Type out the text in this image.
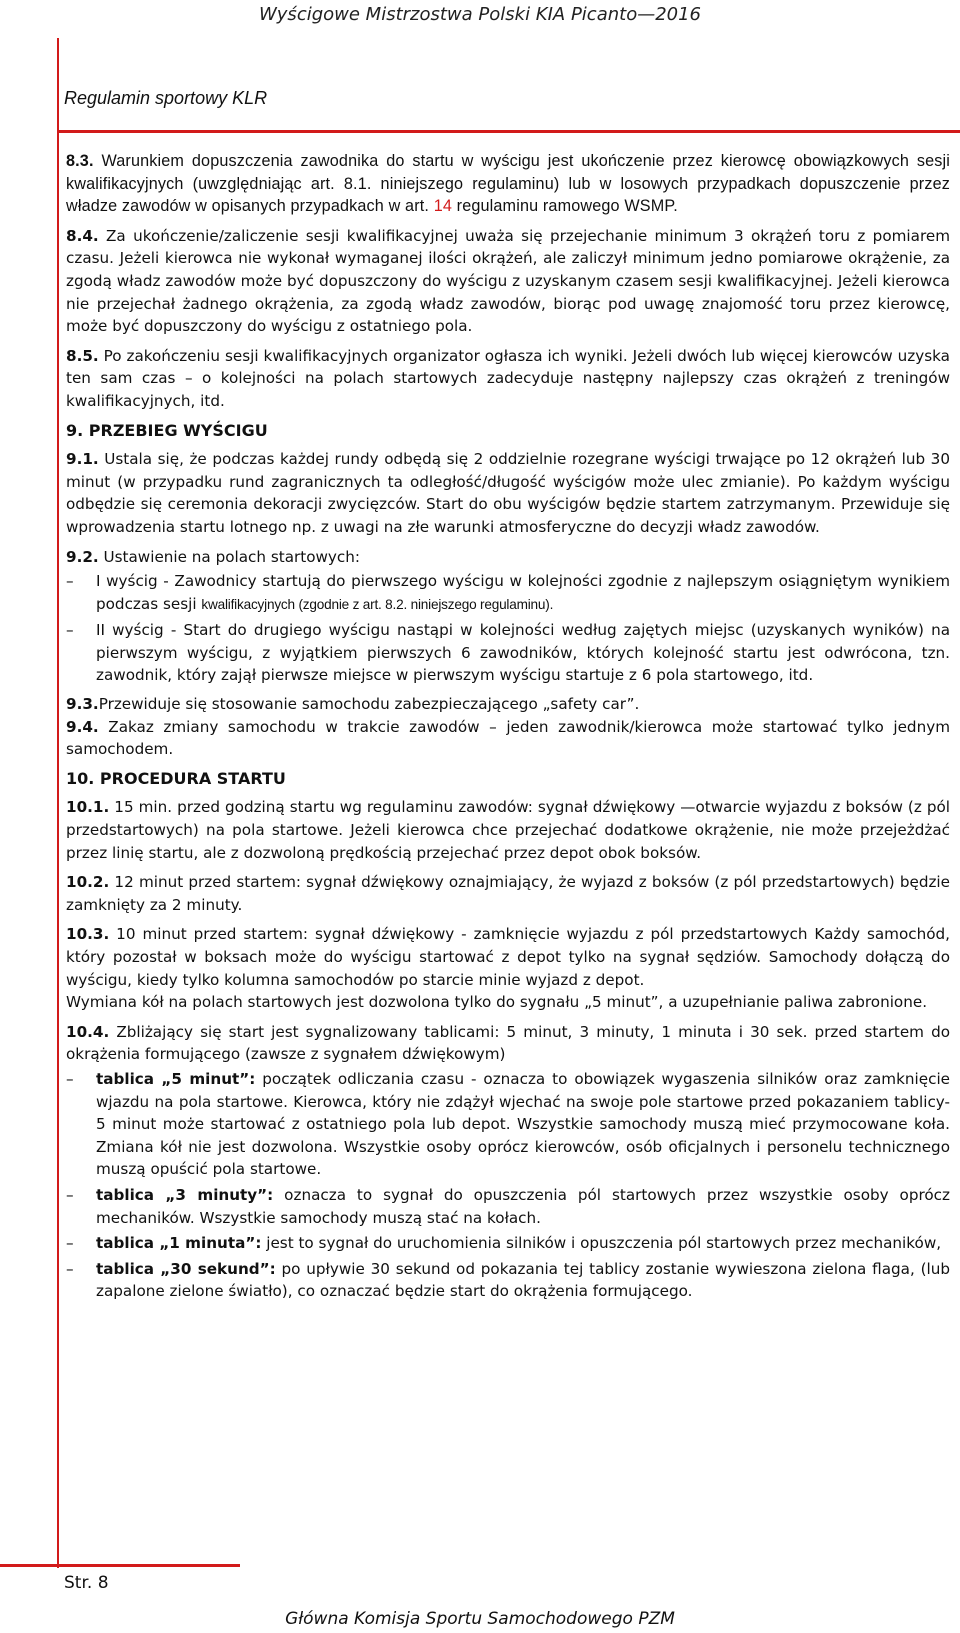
Wyścigowe Mistrzostwa Polski KIA Picanto—2016
Regulamin sportowy KLR

8.3. Warunkiem dopuszczenia zawodnika do startu w wyścigu jest ukończenie przez kierowcę obowiązkowych sesji kwalifikacyjnych (uwzględniając art. 8.1. niniejszego regulaminu) lub w losowych przypadkach dopuszczenie przez władze zawodów w opisanych przypadkach w art. 14 regulaminu ramowego WSMP.

8.4. Za ukończenie/zaliczenie sesji kwalifikacyjnej uważa się przejechanie minimum 3 okrążeń toru z pomiarem czasu. Jeżeli kierowca nie wykonał wymaganej ilości okrążeń, ale zaliczył minimum jedno pomiarowe okrążenie, za zgodą władz zawodów może być dopuszczony do wyścigu z uzyskanym czasem sesji kwalifikacyjnej. Jeżeli kierowca nie przejechał żadnego okrążenia, za zgodą władz zawodów, biorąc pod uwagę znajomość toru przez kierowcę, może być dopuszczony do wyścigu z ostatniego pola.

8.5. Po zakończeniu sesji kwalifikacyjnych organizator ogłasza ich wyniki. Jeżeli dwóch lub więcej kierowców uzyska ten sam czas – o kolejności na polach startowych zadecyduje następny najlepszy czas okrążeń z treningów kwalifikacyjnych, itd.

9. PRZEBIEG WYŚCIGU

9.1. Ustala się, że podczas każdej rundy odbędą się 2 oddzielnie rozegrane wyścigi trwające po 12 okrążeń lub 30 minut (w przypadku rund zagranicznych ta odległość/długość wyścigów może ulec zmianie). Po każdym wyścigu odbędzie się ceremonia dekoracji zwycięzców. Start do obu wyścigów będzie startem zatrzymanym. Przewiduje się wprowadzenia startu lotnego np. z uwagi na złe warunki atmosferyczne do decyzji władz zawodów.

9.2. Ustawienie na polach startowych:

– I wyścig - Zawodnicy startują do pierwszego wyścigu w kolejności zgodnie z najlepszym osiągniętym wynikiem podczas sesji kwalifikacyjnych (zgodnie z art. 8.2. niniejszego regulaminu).
– II wyścig - Start do drugiego wyścigu nastąpi w kolejności według zajętych miejsc (uzyskanych wyników) na pierwszym wyścigu, z wyjątkiem pierwszych 6 zawodników, których kolejność startu jest odwrócona, tzn. zawodnik, który zajął pierwsze miejsce w pierwszym wyścigu startuje z 6 pola startowego, itd.

9.3.Przewiduje się stosowanie samochodu zabezpieczającego „safety car”.

9.4. Zakaz zmiany samochodu w trakcie zawodów – jeden zawodnik/kierowca może startować tylko jednym samochodem.

10. PROCEDURA STARTU

10.1. 15 min. przed godziną startu wg regulaminu zawodów: sygnał dźwiękowy —otwarcie wyjazdu z boksów (z pól przedstartowych) na pola startowe. Jeżeli kierowca chce przejechać dodatkowe okrążenie, nie może przejeżdżać przez linię startu, ale z dozwoloną prędkością przejechać przez depot obok boksów.

10.2. 12 minut przed startem: sygnał dźwiękowy oznajmiający, że wyjazd z boksów (z pól przedstartowych) będzie zamknięty za 2 minuty.

10.3. 10 minut przed startem: sygnał dźwiękowy - zamknięcie wyjazdu z pól przedstartowych Każdy samochód, który pozostał w boksach może do wyścigu startować z depot tylko na sygnał sędziów. Samochody dołączą do wyścigu, kiedy tylko kolumna samochodów po starcie minie wyjazd z depot.

Wymiana kół na polach startowych jest dozwolona tylko do sygnału „5 minut”, a uzupełnianie paliwa zabronione.

10.4. Zbliżający się start jest sygnalizowany tablicami: 5 minut, 3 minuty, 1 minuta i 30 sek. przed startem do okrążenia formującego (zawsze z sygnałem dźwiękowym)

– tablica „5 minut”: początek odliczania czasu - oznacza to obowiązek wygaszenia silników oraz zamknięcie wjazdu na pola startowe. Kierowca, który nie zdążył wjechać na swoje pole startowe przed pokazaniem tablicy-5 minut może startować z ostatniego pola lub depot. Wszystkie samochody muszą mieć przymocowane koła. Zmiana kół nie jest dozwolona. Wszystkie osoby oprócz kierowców, osób oficjalnych i personelu technicznego muszą opuścić pola startowe.
– tablica „3 minuty”: oznacza to sygnał do opuszczenia pól startowych przez wszystkie osoby oprócz mechaników. Wszystkie samochody muszą stać na kołach.
– tablica „1 minuta”: jest to sygnał do uruchomienia silników i opuszczenia pól startowych przez mechaników,
– tablica „30 sekund”: po upływie 30 sekund od pokazania tej tablicy zostanie wywieszona zielona flaga, (lub zapalone zielone światło), co oznaczać będzie start do okrążenia formującego.
Str. 8
Główna Komisja Sportu Samochodowego PZM
